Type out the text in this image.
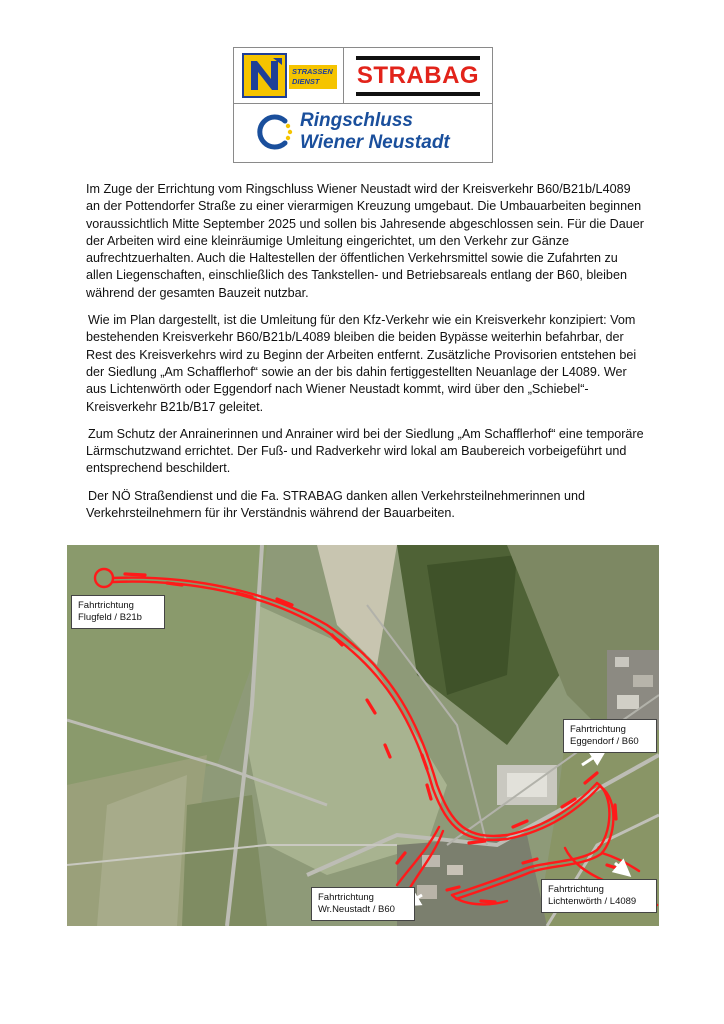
STRASSEN
DIENST	STRABAG
Ringschluss
Wiener Neustadt

Im Zuge der Errichtung vom Ringschluss Wiener Neustadt wird der Kreisverkehr B60/B21b/L4089 an der Pottendorfer Straße zu einer vierarmigen Kreuzung umgebaut. Die Umbauarbeiten beginnen voraussichtlich Mitte September 2025 und sollen bis Jahresende abgeschlossen sein. Für die Dauer der Arbeiten wird eine kleinräumige Umleitung eingerichtet, um den Verkehr zur Gänze aufrechtzuerhalten. Auch die Haltestellen der öffentlichen Verkehrsmittel sowie die Zufahrten zu allen Liegenschaften, einschließlich des Tankstellen- und Betriebsareals entlang der B60, bleiben während der gesamten Bauzeit nutzbar.

Wie im Plan dargestellt, ist die Umleitung für den Kfz-Verkehr wie ein Kreisverkehr konzipiert: Vom bestehenden Kreisverkehr B60/B21b/L4089 bleiben die beiden Bypässe weiterhin befahrbar, der Rest des Kreisverkehrs wird zu Beginn der Arbeiten entfernt. Zusätzliche Provisorien entstehen bei der Siedlung „Am Schafflerhof“ sowie an der bis dahin fertiggestellten Neuanlage der L4089. Wer aus Lichtenwörth oder Eggendorf nach Wiener Neustadt kommt, wird über den „Schiebel“-Kreisverkehr B21b/B17 geleitet.

Zum Schutz der Anrainerinnen und Anrainer wird bei der Siedlung „Am Schafflerhof“ eine temporäre Lärmschutzwand errichtet. Der Fuß- und Radverkehr wird lokal am Baubereich vorbeigeführt und entsprechend beschildert.

Der NÖ Straßendienst und die Fa. STRABAG danken allen Verkehrsteilnehmerinnen und Verkehrsteilnehmern für ihr Verständnis während der Bauarbeiten.

Fahrtrichtung
Flugfeld / B21b
Fahrtrichtung
Eggendorf / B60
Fahrtrichtung
Lichtenwörth / L4089
Fahrtrichtung
Wr.Neustadt / B60
